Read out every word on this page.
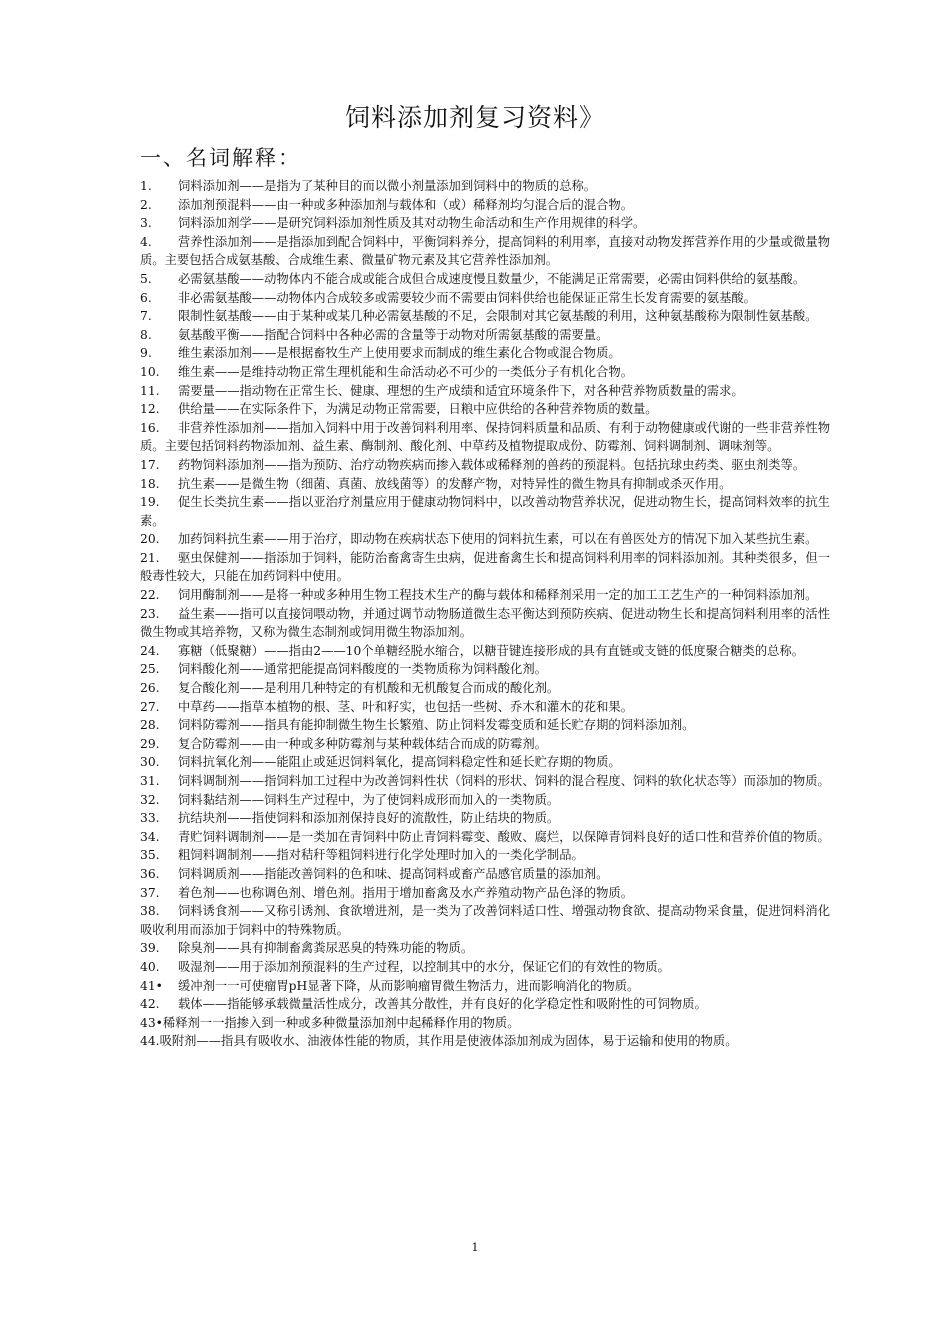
饲料添加剂复习资料》
一、名词解释：

1. 饲料添加剂——是指为了某种目的而以微小剂量添加到饲料中的物质的总称。

2. 添加剂预混料——由一种或多种添加剂与载体和（或）稀释剂均匀混合后的混合物。

3. 饲料添加剂学——是研究饲料添加剂性质及其对动物生命活动和生产作用规律的科学。

4. 营养性添加剂——是指添加到配合饲料中，平衡饲料养分，提高饲料的利用率，直接对动物发挥营养作用的少量或微量物质。主要包括合成氨基酸、合成维生素、微量矿物元素及其它营养性添加剂。

5. 必需氨基酸——动物体内不能合成或能合成但合成速度慢且数量少，不能满足正常需要，必需由饲料供给的氨基酸。

6. 非必需氨基酸——动物体内合成较多或需要较少而不需要由饲料供给也能保证正常生长发育需要的氨基酸。

7. 限制性氨基酸——由于某种或某几种必需氨基酸的不足，会限制对其它氨基酸的利用，这种氨基酸称为限制性氨基酸。

8. 氨基酸平衡——指配合饲料中各种必需的含量等于动物对所需氨基酸的需要量。

9. 维生素添加剂——是根据畜牧生产上使用要求而制成的维生素化合物或混合物质。

10. 维生素——是维持动物正常生理机能和生命活动必不可少的一类低分子有机化合物。

11. 需要量——指动物在正常生长、健康、理想的生产成绩和适宜环境条件下，对各种营养物质数量的需求。

12. 供给量——在实际条件下，为满足动物正常需要，日粮中应供给的各种营养物质的数量。

16. 非营养性添加剂——指加入饲料中用于改善饲料利用率、保持饲料质量和品质、有利于动物健康或代谢的一些非营养性物质。主要包括饲料药物添加剂、益生素、酶制剂、酸化剂、中草药及植物提取成份、防霉剂、饲料调制剂、调味剂等。

17. 药物饲料添加剂——指为预防、治疗动物疾病而掺入载体或稀释剂的兽药的预混料。包括抗球虫药类、驱虫剂类等。

18. 抗生素——是微生物（细菌、真菌、放线菌等）的发酵产物，对特异性的微生物具有抑制或杀灭作用。

19. 促生长类抗生素——指以亚治疗剂量应用于健康动物饲料中，以改善动物营养状况，促进动物生长，提高饲料效率的抗生素。

20. 加药饲料抗生素——用于治疗，即动物在疾病状态下使用的饲料抗生素，可以在有兽医处方的情况下加入某些抗生素。

21. 驱虫保健剂——指添加于饲料，能防治畜禽寄生虫病，促进畜禽生长和提高饲料利用率的饲料添加剂。其种类很多，但一般毒性较大，只能在加药饲料中使用。

22. 饲用酶制剂——是将一种或多种用生物工程技术生产的酶与载体和稀释剂采用一定的加工工艺生产的一种饲料添加剂。

23. 益生素——指可以直接饲喂动物，并通过调节动物肠道微生态平衡达到预防疾病、促进动物生长和提高饲料利用率的活性微生物或其培养物，又称为微生态制剂或饲用微生物添加剂。

24. 寡糖（低聚糖）——指由2——10个单糖经脱水缩合，以糖苷键连接形成的具有直链或支链的低度聚合糖类的总称。

25. 饲料酸化剂——通常把能提高饲料酸度的一类物质称为饲料酸化剂。

26. 复合酸化剂——是利用几种特定的有机酸和无机酸复合而成的酸化剂。

27. 中草药——指草本植物的根、茎、叶和籽实，也包括一些树、乔木和灌木的花和果。

28. 饲料防霉剂——指具有能抑制微生物生长繁殖、防止饲料发霉变质和延长贮存期的饲料添加剂。

29. 复合防霉剂——由一种或多种防霉剂与某种载体结合而成的防霉剂。

30. 饲料抗氧化剂——能阻止或延迟饲料氧化，提高饲料稳定性和延长贮存期的物质。

31. 饲料调制剂——指饲料加工过程中为改善饲料性状（饲料的形状、饲料的混合程度、饲料的软化状态等）而添加的物质。

32. 饲料黏结剂——饲料生产过程中，为了使饲料成形而加入的一类物质。

33. 抗结块剂——指使饲料和添加剂保持良好的流散性，防止结块的物质。

34. 青贮饲料调制剂——是一类加在青饲料中防止青饲料霉变、酸败、腐烂，以保障青饲料良好的适口性和营养价值的物质。

35. 粗饲料调制剂——指对秸秆等粗饲料进行化学处理时加入的一类化学制品。

36. 饲料调质剂——指能改善饲料的色和味、提高饲料或畜产品感官质量的添加剂。

37. 着色剂——也称调色剂、增色剂。指用于增加畜禽及水产养殖动物产品色泽的物质。

38. 饲料诱食剂——又称引诱剂、食欲增进剂，是一类为了改善饲料适口性、增强动物食欲、提高动物采食量，促进饲料消化吸收利用而添加于饲料中的特殊物质。

39. 除臭剂——具有抑制畜禽粪尿恶臭的特殊功能的物质。

40. 吸湿剂——用于添加剂预混料的生产过程，以控制其中的水分，保证它们的有效性的物质。

41• 缓冲剂一一可使瘤胃pH显著下降，从而影响瘤胃微生物活力，进而影响消化的物质。

42. 载体——指能够承载微量活性成分，改善其分散性，并有良好的化学稳定性和吸附性的可饲物质。

43•稀释剂一一指掺入到一种或多种微量添加剂中起稀释作用的物质。

44.吸附剂——指具有吸收水、油液体性能的物质，其作用是使液体添加剂成为固体，易于运输和使用的物质。

1
